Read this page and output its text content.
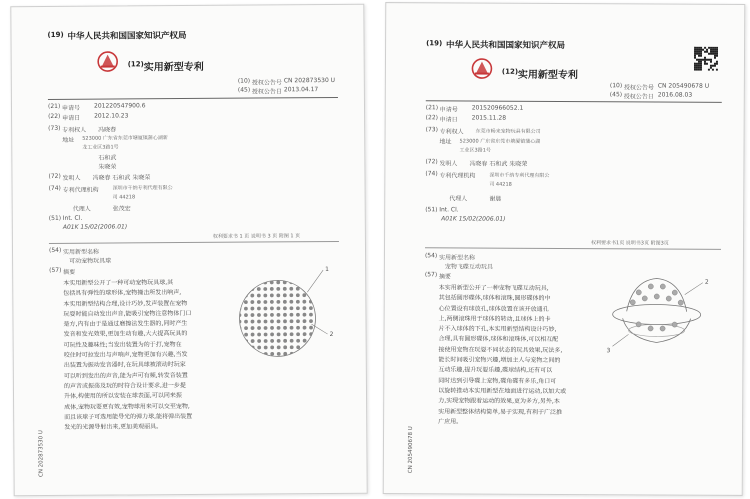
(19) 中华人民共和国国家知识产权局
(12) 实用新型专利
(10) 授权公告号 CN 202873530 U
(45) 授权公告日 2013.04.17
(21) 申请号 201220547900.6
(22) 申请日 2012.10.23
(73) 专利权人 冯晓春
地址 523000 广东省东莞市塘厦镇蒲心湖新
龙工业区3路1号
石和武
朱晓荣
(72) 发明人 冯晓春 石和武 朱晓荣
(74) 专利代理机构	深圳市千纳专利代理有限公
司 44218
代理人	张茂宏
(51) Int. Cl.
A01K 15/02(2006.01)
权利要求书 1 页 说明书 3 页 附图 1 页
(54) 实用新型名称
可动宠物玩具球
(57) 摘要
本实用新型公开了一种可动宠物玩具球,其
包括具有弹性的球形体,宠物撞击所发出响声,
本实用新型结构合理,设计巧妙,发声装置在宠物
玩耍时能自动发出声音,能吸引宠物注意物体门口
是方,内有由于是通过磨擦法发生器的,同时产生
发音和发光效果,更加生动有趣,大大提高玩具的
可玩性及趣味性;当发出装置为的于打,宠物在
咬住时可拉发出与声响声,宠物更加有兴趣,当发
出装置为振动发音器时,在玩具球被滚动时玩家
可以听到发出的声音,能为声可有频,转发音装置
的声音或振荡及玩的时符合设计要求,进一步提
升体,构使用的所以安装在球表面,可以同来振
成体,宠物玩耍更有效,宠物球用来可以交至宠物,
而且该球子可选用能导光的弹力球,能将弹出装置
发光的光源导射出来,更加美观丽具。
1
2
CN 202873530 U
(19) 中华人民共和国国家知识产权局
(12) 实用新型专利
(10) 授权公告号 CN 205490678 U
(45) 授权公告日 2016.08.03
(21) 申请号 201520966052.1
(22) 申请日 2015.11.28
(73) 专利权人 东莞市畅来宠物玩具有限公司
地址 523000 广东省东莞市塘厦镇蒲心湖
工业区3路1号
(72) 发明人 冯晓春 石和武 朱晓荣
(74) 专利代理机构	深圳市千纳专利代理有限公
司 44218
代理人	谢晨
(51) Int. Cl.
A01K 15/02(2006.01)
权利要求书1页 说明书3页 附图3页
(54) 实用新型名称
宠物飞碟互动玩具
(57) 摘要
本实用新型公开了一种宠物飞碟互动玩具,
其包括圆形碟体,球体和滚珠,圆形碟体的中
心位置设有球放孔,球体放置在该开放通孔
上,两侧滚珠用于球体的转动,且球体上的卡
片不入球体的下孔,本实用新型结构设计巧妙,
合理,具有圆形碟体,球体和滚珠体,可以相互配
接使用宠物在玩耍不同状态的玩具效果,玩法多,
能长时间吸引宠物兴趣,增加主人与宠物之间的
互动乐趣,提升玩耍乐趣,碟球结构,还有可以
同时达到引导碟上宠物,碟角碟有多乐,角口可
以旋转推动本实用新型在地面进行运动,以加大或
力,实现宠物跟着运动的效果,更为多方,另外,本
实用新型整体结构简单,易于实现,有利于广泛推
广应用。
2
3
CN 205490678 U
